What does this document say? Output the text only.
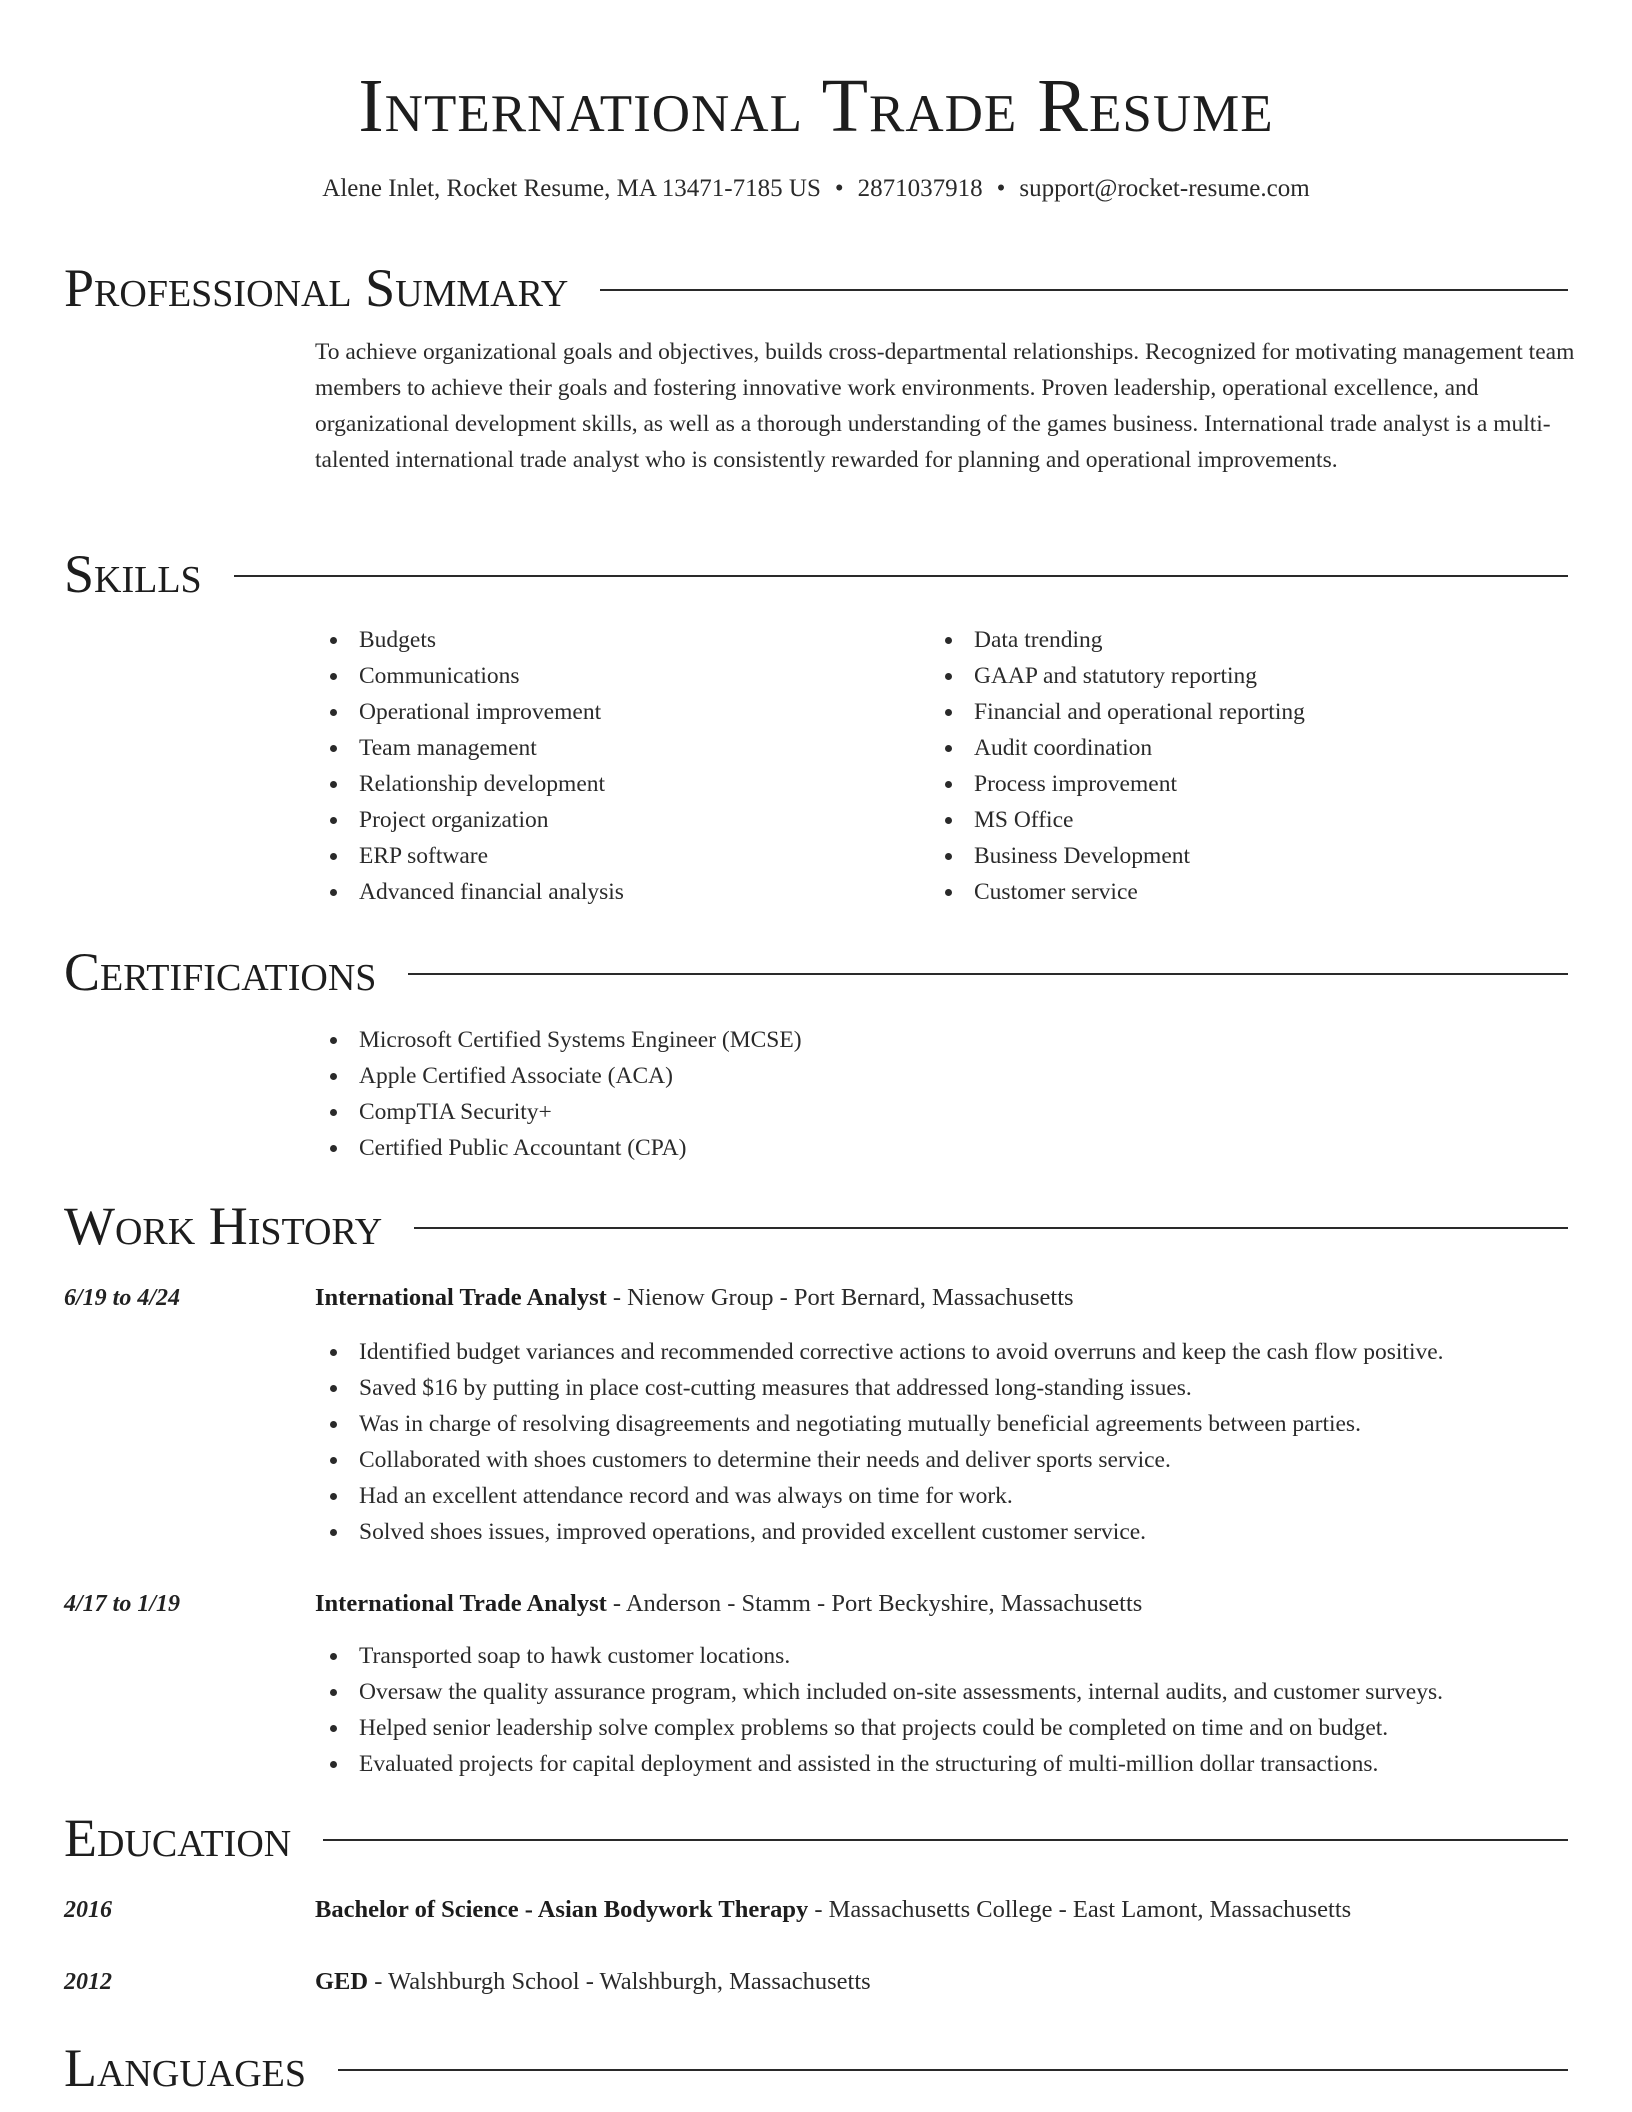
International Trade Resume
Alene Inlet, Rocket Resume, MA 13471-7185 US • 2871037918 • support@rocket-resume.com
Professional Summary
To achieve organizational goals and objectives, builds cross-departmental relationships. Recognized for motivating management team members to achieve their goals and fostering innovative work environments. Proven leadership, operational excellence, and organizational development skills, as well as a thorough understanding of the games business. International trade analyst is a multi-talented international trade analyst who is consistently rewarded for planning and operational improvements.
Skills
Budgets
Communications
Operational improvement
Team management
Relationship development
Project organization
ERP software
Advanced financial analysis
Data trending
GAAP and statutory reporting
Financial and operational reporting
Audit coordination
Process improvement
MS Office
Business Development
Customer service
Certifications
Microsoft Certified Systems Engineer (MCSE)
Apple Certified Associate (ACA)
CompTIA Security+
Certified Public Accountant (CPA)
Work History
6/19 to 4/24	International Trade Analyst - Nienow Group - Port Bernard, Massachusetts
Identified budget variances and recommended corrective actions to avoid overruns and keep the cash flow positive.
Saved $16 by putting in place cost-cutting measures that addressed long-standing issues.
Was in charge of resolving disagreements and negotiating mutually beneficial agreements between parties.
Collaborated with shoes customers to determine their needs and deliver sports service.
Had an excellent attendance record and was always on time for work.
Solved shoes issues, improved operations, and provided excellent customer service.
4/17 to 1/19	International Trade Analyst - Anderson - Stamm - Port Beckyshire, Massachusetts
Transported soap to hawk customer locations.
Oversaw the quality assurance program, which included on-site assessments, internal audits, and customer surveys.
Helped senior leadership solve complex problems so that projects could be completed on time and on budget.
Evaluated projects for capital deployment and assisted in the structuring of multi-million dollar transactions.
Education
2016	Bachelor of Science - Asian Bodywork Therapy - Massachusetts College - East Lamont, Massachusetts
2012	GED - Walshburgh School - Walshburgh, Massachusetts
Languages
